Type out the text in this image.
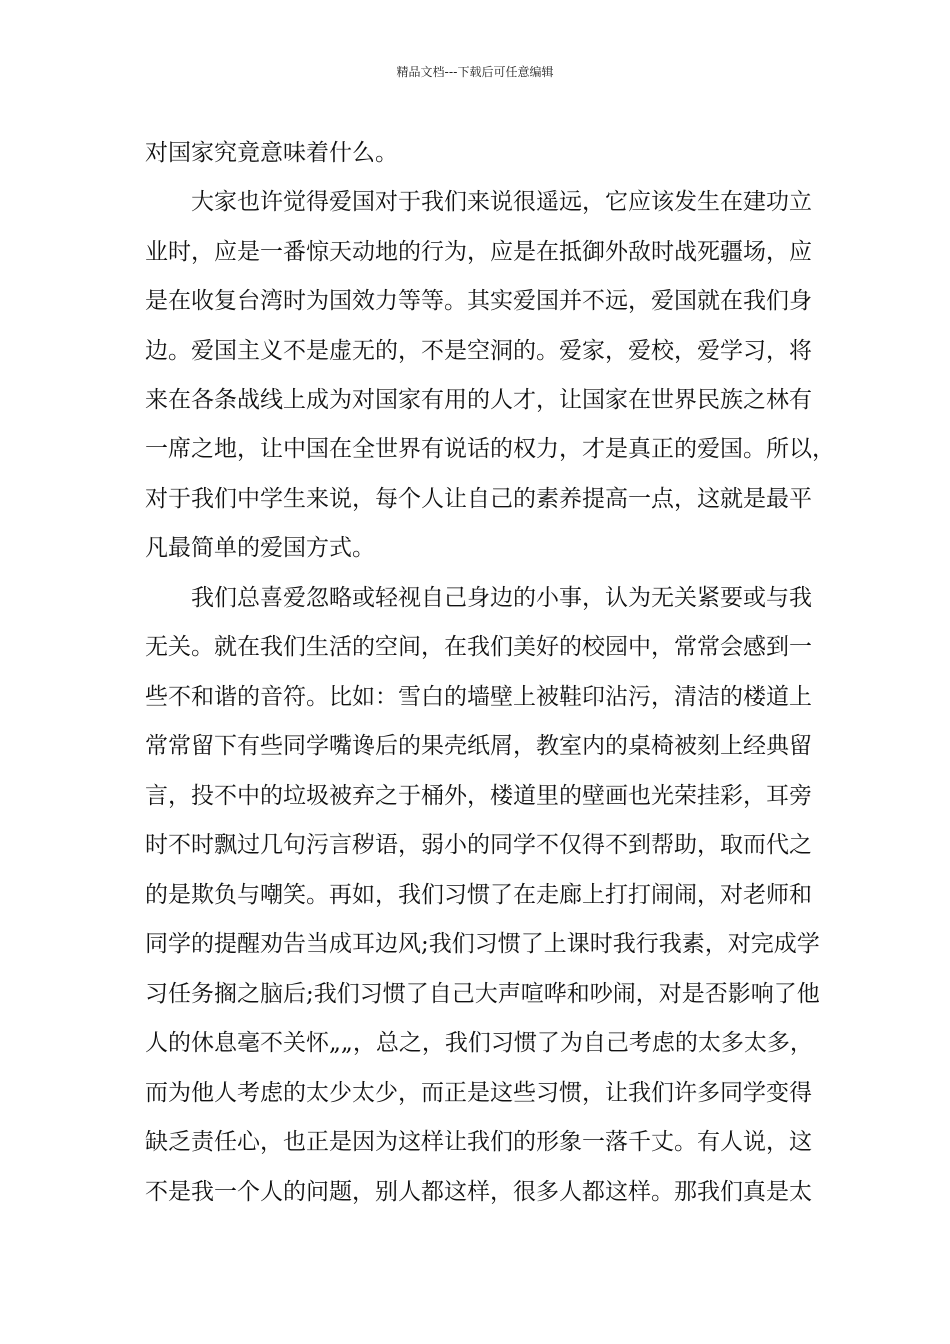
精品文档---下载后可任意编辑
对国家究竟意味着什么。
大家也许觉得爱国对于我们来说很遥远，它应该发生在建功立
业时，应是一番惊天动地的行为，应是在抵御外敌时战死疆场，应
是在收复台湾时为国效力等等。其实爱国并不远，爱国就在我们身
边。爱国主义不是虚无的，不是空洞的。爱家，爱校，爱学习，将
来在各条战线上成为对国家有用的人才，让国家在世界民族之林有
一席之地，让中国在全世界有说话的权力，才是真正的爱国。所以，
对于我们中学生来说，每个人让自己的素养提高一点，这就是最平
凡最简单的爱国方式。
我们总喜爱忽略或轻视自己身边的小事，认为无关紧要或与我
无关。就在我们生活的空间，在我们美好的校园中，常常会感到一
些不和谐的音符。比如：雪白的墙壁上被鞋印沾污，清洁的楼道上
常常留下有些同学嘴谗后的果壳纸屑，教室内的桌椅被刻上经典留
言，投不中的垃圾被弃之于桶外，楼道里的壁画也光荣挂彩，耳旁
时不时飘过几句污言秽语，弱小的同学不仅得不到帮助，取而代之
的是欺负与嘲笑。再如，我们习惯了在走廊上打打闹闹，对老师和
同学的提醒劝告当成耳边风;我们习惯了上课时我行我素，对完成学
习任务搁之脑后;我们习惯了自己大声喧哗和吵闹，对是否影响了他
人的休息毫不关怀„„，总之，我们习惯了为自己考虑的太多太多，
而为他人考虑的太少太少，而正是这些习惯，让我们许多同学变得
缺乏责任心，也正是因为这样让我们的形象一落千丈。有人说，这
不是我一个人的问题，别人都这样，很多人都这样。那我们真是太
